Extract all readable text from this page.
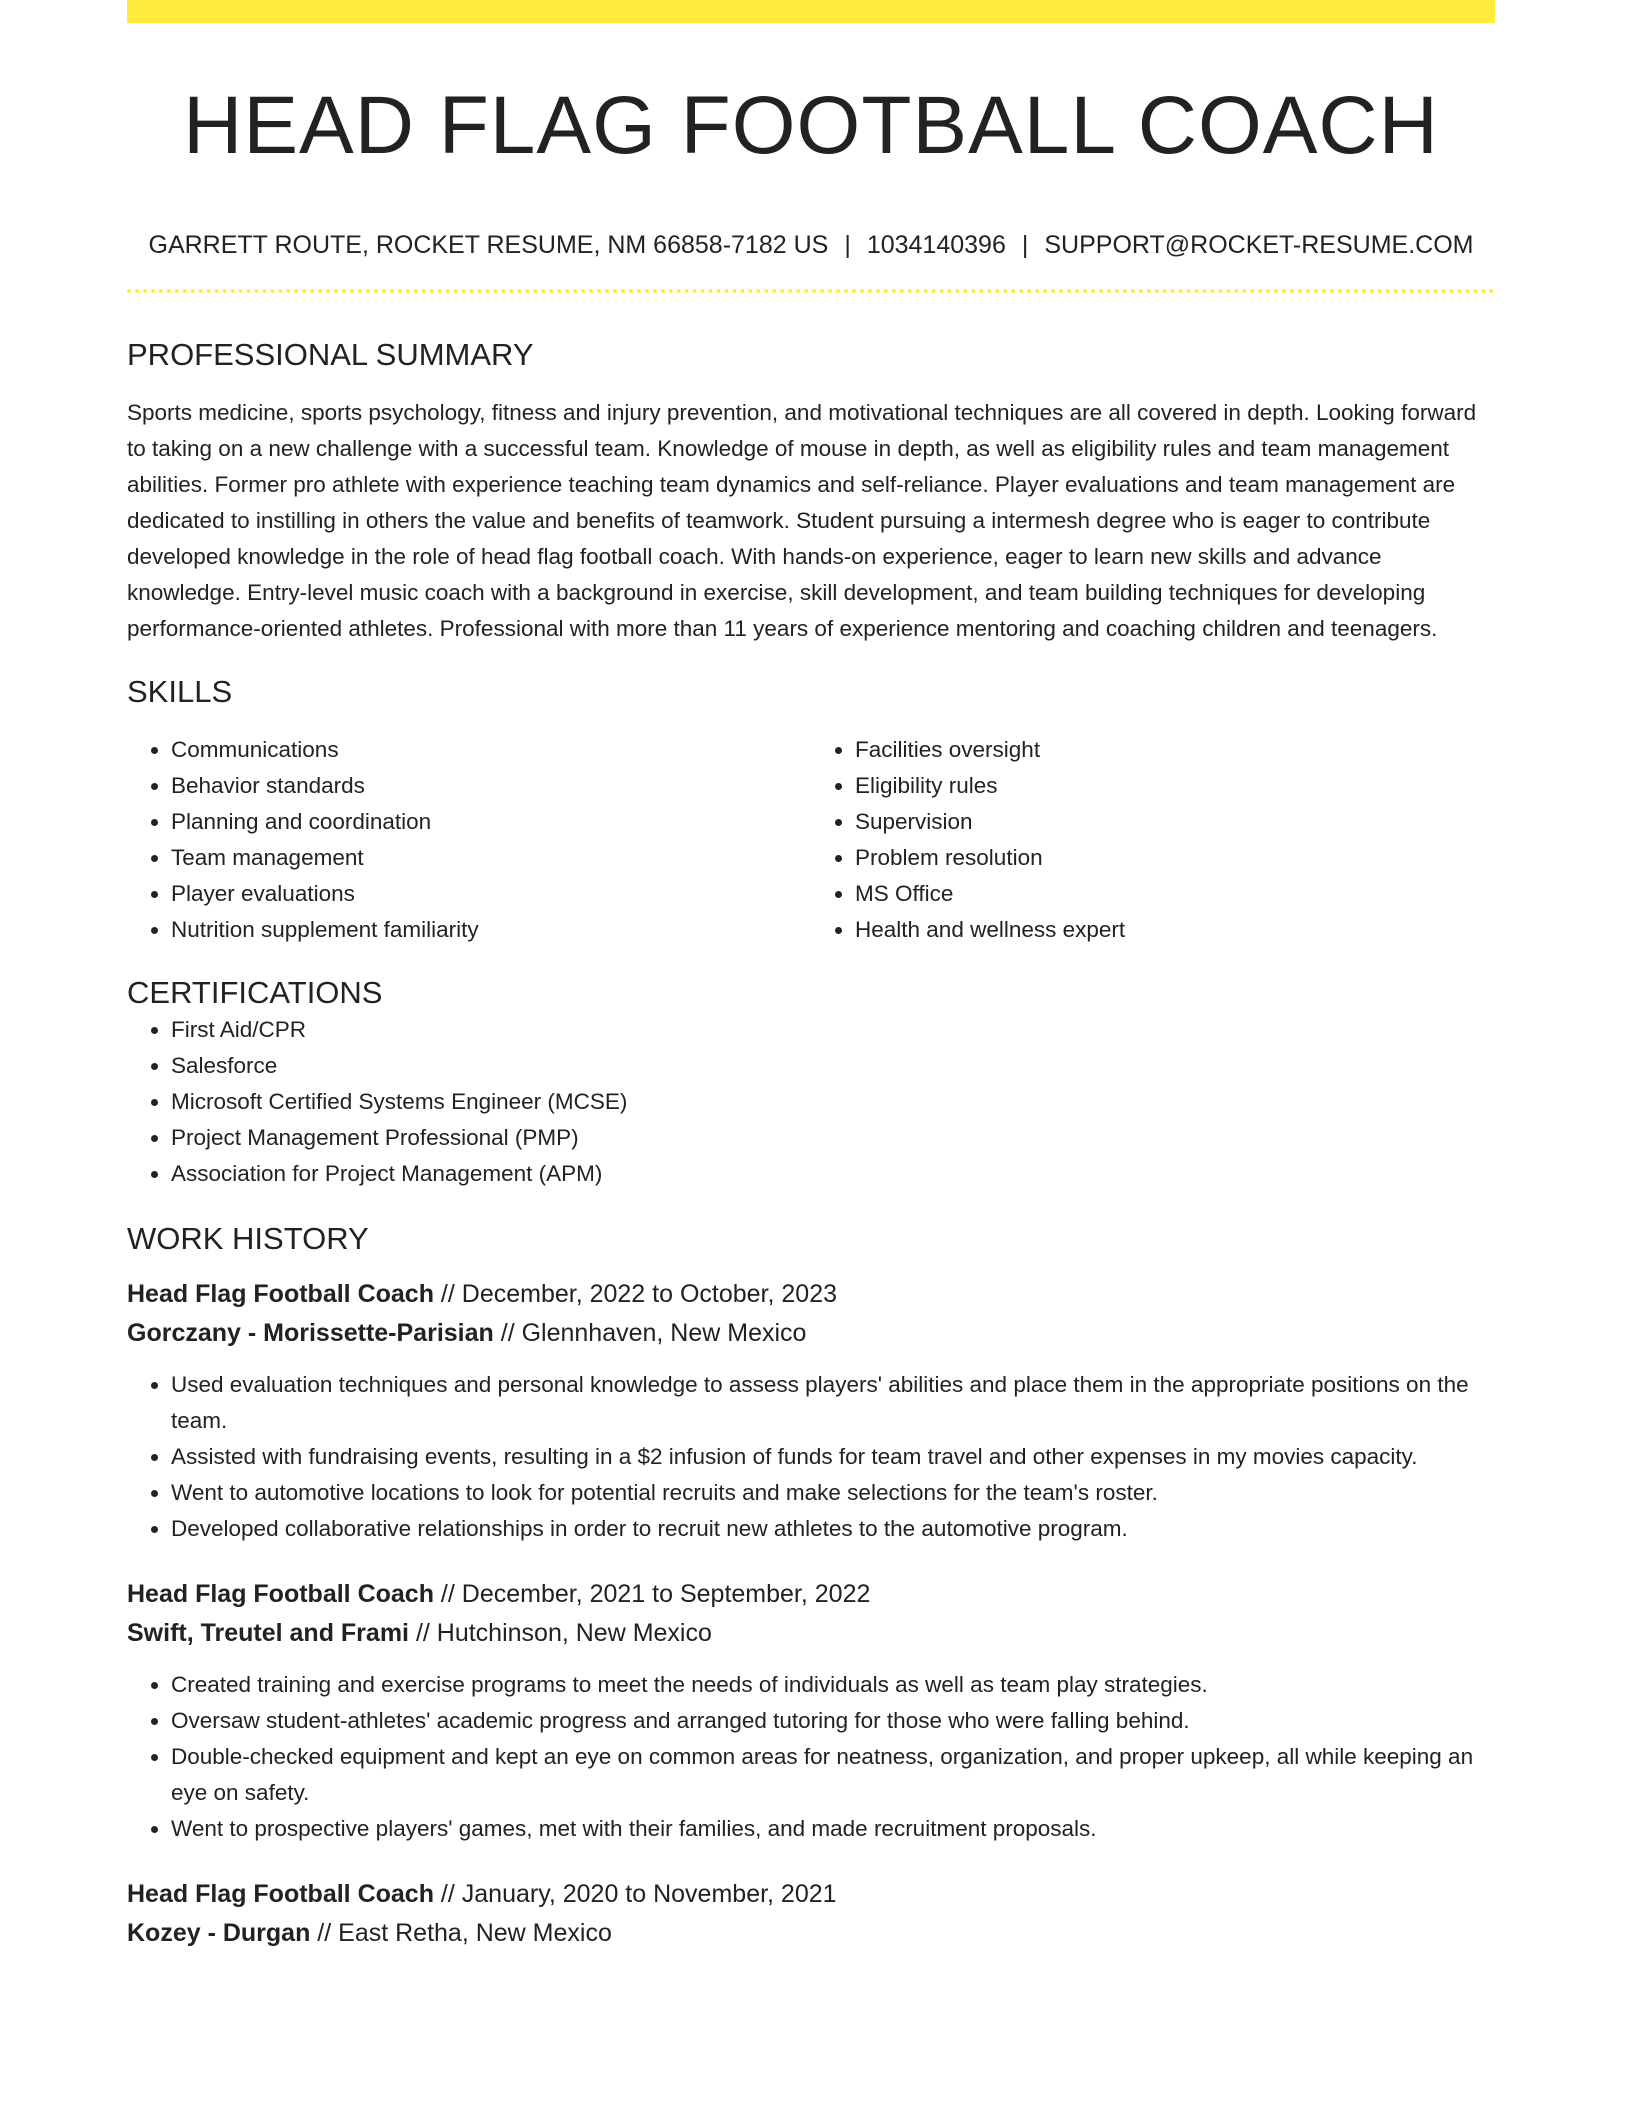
HEAD FLAG FOOTBALL COACH
GARRETT ROUTE, ROCKET RESUME, NM 66858-7182 US | 1034140396 | SUPPORT@ROCKET-RESUME.COM
PROFESSIONAL SUMMARY

Sports medicine, sports psychology, fitness and injury prevention, and motivational techniques are all covered in depth. Looking forward to taking on a new challenge with a successful team. Knowledge of mouse in depth, as well as eligibility rules and team management abilities. Former pro athlete with experience teaching team dynamics and self-reliance. Player evaluations and team management are dedicated to instilling in others the value and benefits of teamwork. Student pursuing a intermesh degree who is eager to contribute developed knowledge in the role of head flag football coach. With hands-on experience, eager to learn new skills and advance knowledge. Entry-level music coach with a background in exercise, skill development, and team building techniques for developing performance-oriented athletes. Professional with more than 11 years of experience mentoring and coaching children and teenagers.

SKILLS
• Communications
• Behavior standards
• Planning and coordination
• Team management
• Player evaluations
• Nutrition supplement familiarity
• Facilities oversight
• Eligibility rules
• Supervision
• Problem resolution
• MS Office
• Health and wellness expert
CERTIFICATIONS
• First Aid/CPR
• Salesforce
• Microsoft Certified Systems Engineer (MCSE)
• Project Management Professional (PMP)
• Association for Project Management (APM)
WORK HISTORY
Head Flag Football Coach // December, 2022 to October, 2023
Gorczany - Morissette-Parisian // Glennhaven, New Mexico
• Used evaluation techniques and personal knowledge to assess players' abilities and place them in the appropriate positions on the team.
• Assisted with fundraising events, resulting in a $2 infusion of funds for team travel and other expenses in my movies capacity.
• Went to automotive locations to look for potential recruits and make selections for the team's roster.
• Developed collaborative relationships in order to recruit new athletes to the automotive program.
Head Flag Football Coach // December, 2021 to September, 2022
Swift, Treutel and Frami // Hutchinson, New Mexico
• Created training and exercise programs to meet the needs of individuals as well as team play strategies.
• Oversaw student-athletes' academic progress and arranged tutoring for those who were falling behind.
• Double-checked equipment and kept an eye on common areas for neatness, organization, and proper upkeep, all while keeping an eye on safety.
• Went to prospective players' games, met with their families, and made recruitment proposals.
Head Flag Football Coach // January, 2020 to November, 2021
Kozey - Durgan // East Retha, New Mexico
